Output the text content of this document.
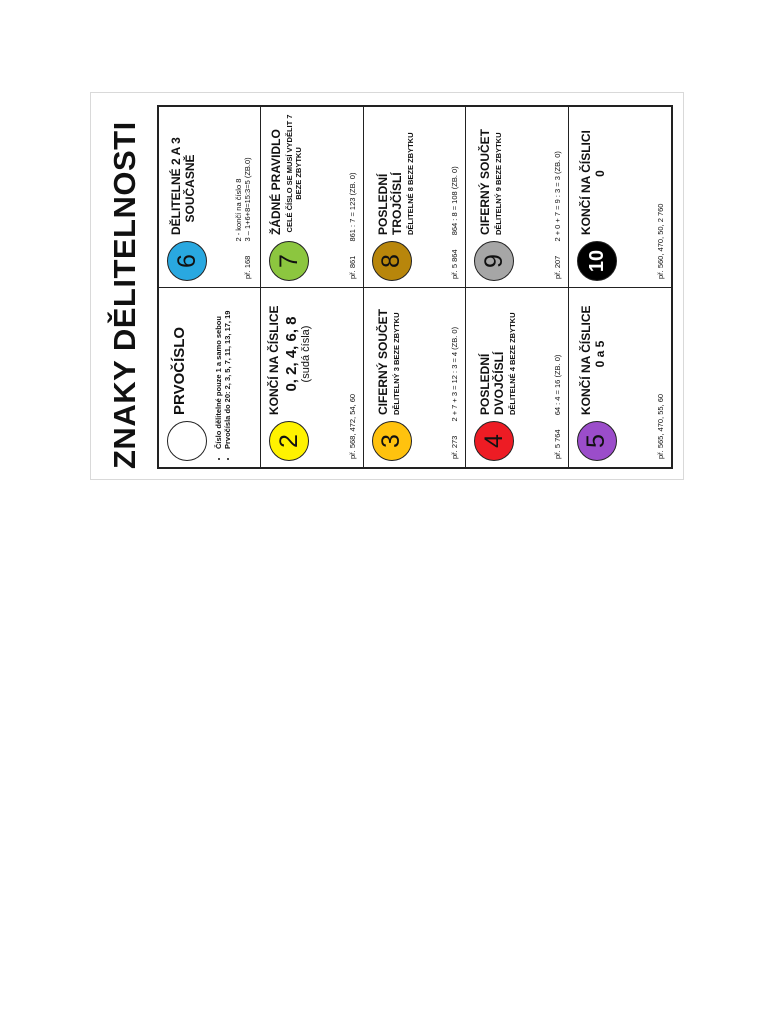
ZNAKY DĚLITELNOSTI	PRVOČÍSLO	• Číslo dělitelné pouze 1 a samo sebou • Prvočísla do 20: 2, 3, 5, 7, 11, 13, 17, 19
6
DĚLITELNÉ 2 A 3 SOUČASNĚ
př. 168
2 - končí na číslo 8 3 – 1+6+8=15:3=5 (ZB.0)
2
KONČÍ NA ČÍSLICE 0, 2, 4, 6, 8 (sudá čísla)
př. 568, 472, 54, 60
7
ŽÁDNÉ PRAVIDLO CELÉ ČÍSLO SE MUSÍ VYDĚLIT 7 BEZE ZBYTKU
př. 861 861 : 7 = 123 (ZB. 0)
3
CIFERNÝ SOUČET DĚLITELNÝ 3 BEZE ZBYTKU
př. 273 2 + 7 + 3 = 12 : 3 = 4 (ZB. 0)
8
POSLEDNÍ TROJČÍSLÍ DĚLITELNÉ 8 BEZE ZBYTKU
př. 5 864 864 : 8 = 108 (ZB. 0)
4
POSLEDNÍ DVOJČÍSLÍ DĚLITELNÉ 4 BEZE ZBYTKU
př. 5 764 64 : 4 = 16 (ZB. 0)
9
CIFERNÝ SOUČET DĚLITELNÝ 9 BEZE ZBYTKU
př. 207 2 + 0 + 7 = 9 : 3 = 3 (ZB. 0)
5
KONČÍ NA ČÍSLICE 0 a 5
př. 565, 470, 55, 60
10
KONČÍ NA ČÍSLICI 0
př. 560, 470, 50, 2 760
